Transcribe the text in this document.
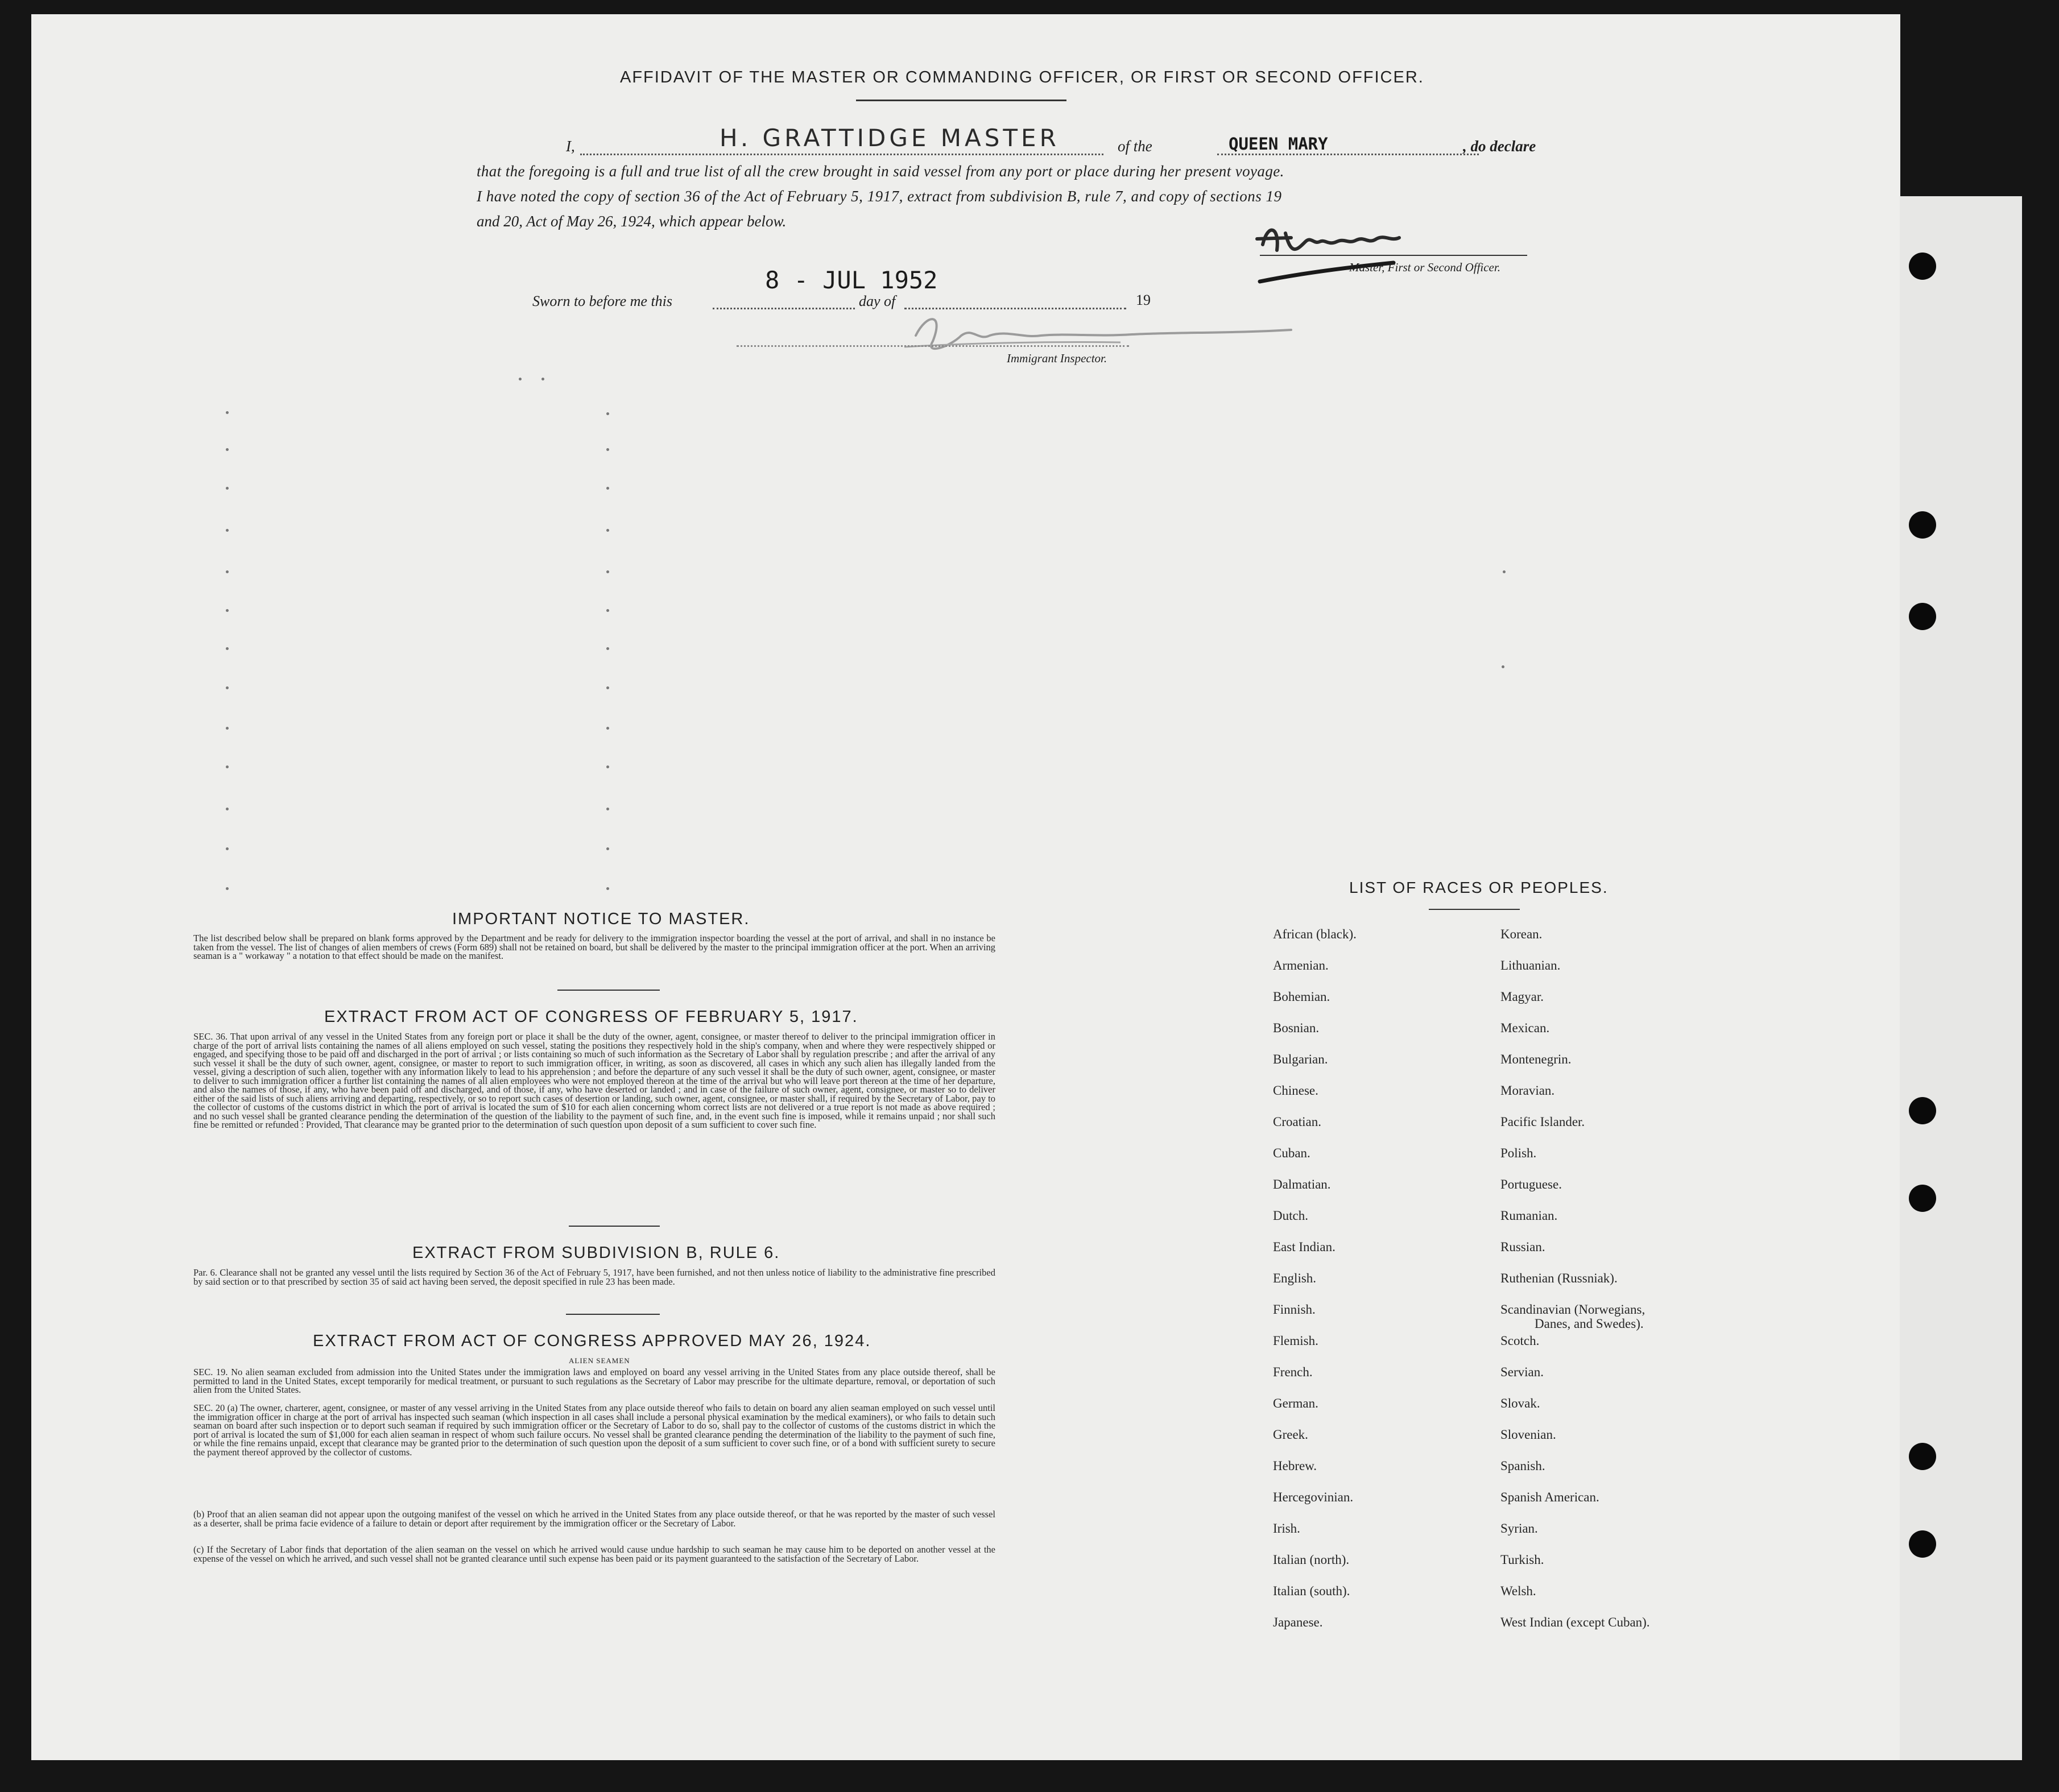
AFFIDAVIT OF THE MASTER OR COMMANDING OFFICER, OR FIRST OR SECOND OFFICER.
I,	H. GRATTIDGE MASTER	of the	QUEEN MARY	, do declare
that the foregoing is a full and true list of all the crew brought in said vessel from any port or place during her present voyage.
I have noted the copy of section 36 of the Act of February 5, 1917, extract from subdivision B, rule 7, and copy of sections 19
and 20, Act of May 26, 1924, which appear below.
Master, First or Second Officer.
Sworn to before me this
8 - JUL 1952
day of	19
Immigrant Inspector.
IMPORTANT NOTICE TO MASTER.
The list described below shall be prepared on blank forms approved by the Department and be ready for delivery to the immigration inspector boarding the vessel at the port of arrival, and shall in no instance be taken from the vessel. The list of changes of alien members of crews (Form 689) shall not be retained on board, but shall be delivered by the master to the principal immigration officer at the port. When an arriving seaman is a " workaway " a notation to that effect should be made on the manifest.
EXTRACT FROM ACT OF CONGRESS OF FEBRUARY 5, 1917.
SEC. 36. That upon arrival of any vessel in the United States from any foreign port or place it shall be the duty of the owner, agent, consignee, or master thereof to deliver to the principal immigration officer in charge of the port of arrival lists containing the names of all aliens employed on such vessel, stating the positions they respectively hold in the ship's company, when and where they were respectively shipped or engaged, and specifying those to be paid off and discharged in the port of arrival ; or lists containing so much of such information as the Secretary of Labor shall by regulation prescribe ; and after the arrival of any such vessel it shall be the duty of such owner, agent, consignee, or master to report to such immigration officer, in writing, as soon as discovered, all cases in which any such alien has illegally landed from the vessel, giving a description of such alien, together with any information likely to lead to his apprehension ; and before the departure of any such vessel it shall be the duty of such owner, agent, consignee, or master to deliver to such immigration officer a further list containing the names of all alien employees who were not employed thereon at the time of the arrival but who will leave port thereon at the time of her departure, and also the names of those, if any, who have been paid off and discharged, and of those, if any, who have deserted or landed ; and in case of the failure of such owner, agent, consignee, or master so to deliver either of the said lists of such aliens arriving and departing, respectively, or so to report such cases of desertion or landing, such owner, agent, consignee, or master shall, if required by the Secretary of Labor, pay to the collector of customs of the customs district in which the port of arrival is located the sum of $10 for each alien concerning whom correct lists are not delivered or a true report is not made as above required ; and no such vessel shall be granted clearance pending the determination of the question of the liability to the payment of such fine, and, in the event such fine is imposed, while it remains unpaid ; nor shall such fine be remitted or refunded : Provided, That clearance may be granted prior to the determination of such question upon deposit of a sum sufficient to cover such fine.
EXTRACT FROM SUBDIVISION B, RULE 6.
Par. 6. Clearance shall not be granted any vessel until the lists required by Section 36 of the Act of February 5, 1917, have been furnished, and not then unless notice of liability to the administrative fine prescribed by said section or to that prescribed by section 35 of said act having been served, the deposit specified in rule 23 has been made.
EXTRACT FROM ACT OF CONGRESS APPROVED MAY 26, 1924.
ALIEN SEAMEN
SEC. 19. No alien seaman excluded from admission into the United States under the immigration laws and employed on board any vessel arriving in the United States from any place outside thereof, shall be permitted to land in the United States, except temporarily for medical treatment, or pursuant to such regulations as the Secretary of Labor may prescribe for the ultimate departure, removal, or deportation of such alien from the United States.
SEC. 20 (a) The owner, charterer, agent, consignee, or master of any vessel arriving in the United States from any place outside thereof who fails to detain on board any alien seaman employed on such vessel until the immigration officer in charge at the port of arrival has inspected such seaman (which inspection in all cases shall include a personal physical examination by the medical examiners), or who fails to detain such seaman on board after such inspection or to deport such seaman if required by such immigration officer or the Secretary of Labor to do so, shall pay to the collector of customs of the customs district in which the port of arrival is located the sum of $1,000 for each alien seaman in respect of whom such failure occurs. No vessel shall be granted clearance pending the determination of the liability to the payment of such fine, or while the fine remains unpaid, except that clearance may be granted prior to the determination of such question upon the deposit of a sum sufficient to cover such fine, or of a bond with sufficient surety to secure the payment thereof approved by the collector of customs.
(b) Proof that an alien seaman did not appear upon the outgoing manifest of the vessel on which he arrived in the United States from any place outside thereof, or that he was reported by the master of such vessel as a deserter, shall be prima facie evidence of a failure to detain or deport after requirement by the immigration officer or the Secretary of Labor.
(c) If the Secretary of Labor finds that deportation of the alien seaman on the vessel on which he arrived would cause undue hardship to such seaman he may cause him to be deported on another vessel at the expense of the vessel on which he arrived, and such vessel shall not be granted clearance until such expense has been paid or its payment guaranteed to the satisfaction of the Secretary of Labor.
LIST OF RACES OR PEOPLES.
African (black).
Armenian.
Bohemian.
Bosnian.
Bulgarian.
Chinese.
Croatian.
Cuban.
Dalmatian.
Dutch.
East Indian.
English.
Finnish.
Flemish.
French.
German.
Greek.
Hebrew.
Hercegovinian.
Irish.
Italian (north).
Italian (south).
Japanese.
Korean.
Lithuanian.
Magyar.
Mexican.
Montenegrin.
Moravian.
Pacific Islander.
Polish.
Portuguese.
Rumanian.
Russian.
Ruthenian (Russniak).
Scandinavian (Norwegians,
Danes, and Swedes).
Scotch.
Servian.
Slovak.
Slovenian.
Spanish.
Spanish American.
Syrian.
Turkish.
Welsh.
West Indian (except Cuban).
